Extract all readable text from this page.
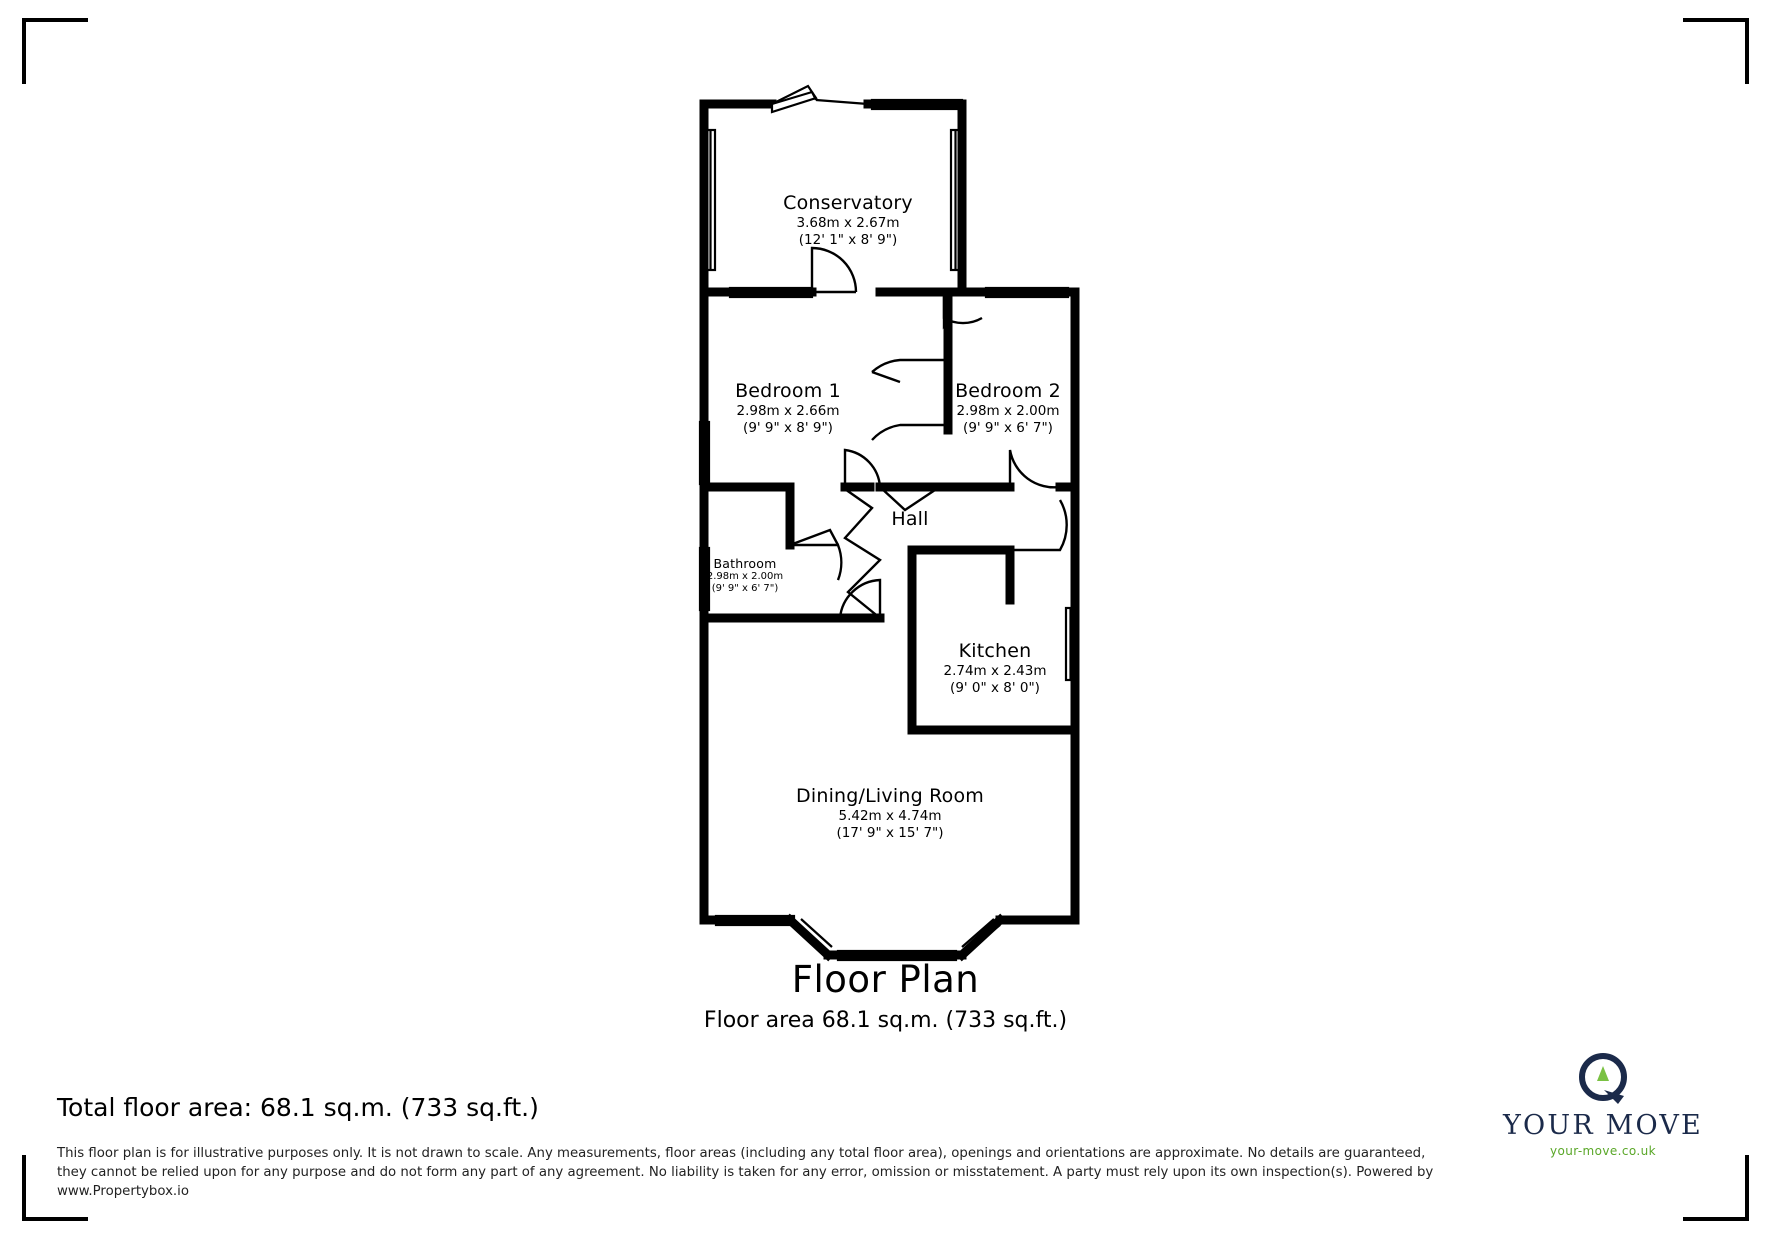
Conservatory
3.68m x 2.67m
(12' 1" x 8' 9")
Bedroom 1
2.98m x 2.66m
(9' 9" x 8' 9")
Bedroom 2
2.98m x 2.00m
(9' 9" x 6' 7")
Hall
Bathroom
2.98m x 2.00m
(9' 9" x 6' 7")
Kitchen
2.74m x 2.43m
(9' 0" x 8' 0")
Dining/Living Room
5.42m x 4.74m
(17' 9" x 15' 7")
Floor Plan
Floor area 68.1 sq.m. (733 sq.ft.)
Total floor area: 68.1 sq.m. (733 sq.ft.)
This floor plan is for illustrative purposes only. It is not drawn to scale. Any measurements, floor areas (including any total floor area), openings and orientations are approximate. No details are guaranteed, they cannot be relied upon for any purpose and do not form any part of any agreement. No liability is taken for any error, omission or misstatement. A party must rely upon its own inspection(s). Powered by www.Propertybox.io
YOUR MOVE
your-move.co.uk
